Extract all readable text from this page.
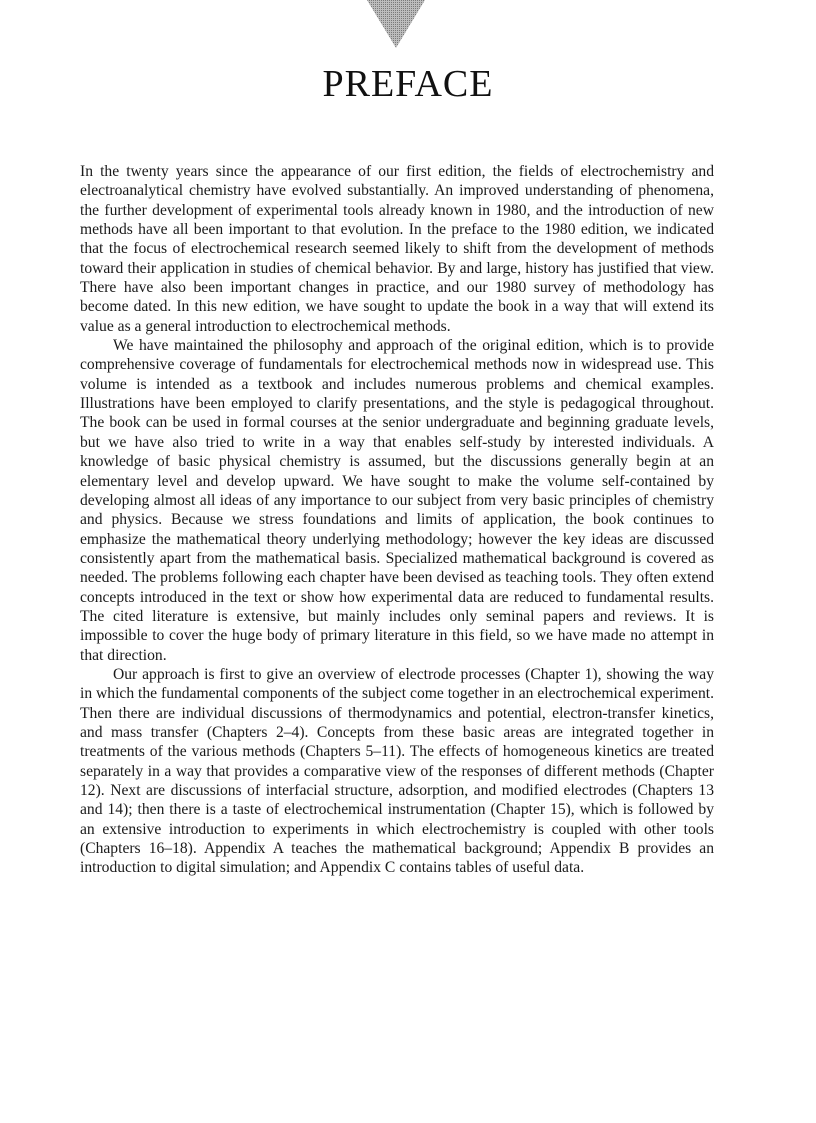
PREFACE

In the twenty years since the appearance of our first edition, the fields of electrochemistry and electroanalytical chemistry have evolved substantially. An improved understanding of phenomena, the further development of experimental tools already known in 1980, and the introduction of new methods have all been important to that evolution. In the preface to the 1980 edition, we indicated that the focus of electrochemical research seemed likely to shift from the development of methods toward their application in studies of chemical behavior. By and large, history has justified that view. There have also been important changes in practice, and our 1980 survey of methodology has become dated. In this new edition, we have sought to update the book in a way that will extend its value as a general introduction to electrochemical methods.

We have maintained the philosophy and approach of the original edition, which is to provide comprehensive coverage of fundamentals for electrochemical methods now in widespread use. This volume is intended as a textbook and includes numerous problems and chemical examples. Illustrations have been employed to clarify presentations, and the style is pedagogical throughout. The book can be used in formal courses at the senior undergraduate and beginning graduate levels, but we have also tried to write in a way that enables self-study by interested individuals. A knowledge of basic physical chemistry is assumed, but the discussions generally begin at an elementary level and develop upward. We have sought to make the volume self-contained by developing almost all ideas of any importance to our subject from very basic principles of chemistry and physics. Because we stress foundations and limits of application, the book continues to emphasize the mathematical theory underlying methodology; however the key ideas are discussed consistently apart from the mathematical basis. Specialized mathematical background is covered as needed. The problems following each chapter have been devised as teaching tools. They often extend concepts introduced in the text or show how experimental data are reduced to fundamental results. The cited literature is extensive, but mainly includes only seminal papers and reviews. It is impossible to cover the huge body of primary literature in this field, so we have made no attempt in that direction.

Our approach is first to give an overview of electrode processes (Chapter 1), showing the way in which the fundamental components of the subject come together in an electrochemical experiment. Then there are individual discussions of thermodynamics and potential, electron-transfer kinetics, and mass transfer (Chapters 2–4). Concepts from these basic areas are integrated together in treatments of the various methods (Chapters 5–11). The effects of homogeneous kinetics are treated separately in a way that provides a comparative view of the responses of different methods (Chapter 12). Next are discussions of interfacial structure, adsorption, and modified electrodes (Chapters 13 and 14); then there is a taste of electrochemical instrumentation (Chapter 15), which is followed by an extensive introduction to experiments in which electrochemistry is coupled with other tools (Chapters 16–18). Appendix A teaches the mathematical background; Appendix B provides an introduction to digital simulation; and Appendix C contains tables of useful data.
